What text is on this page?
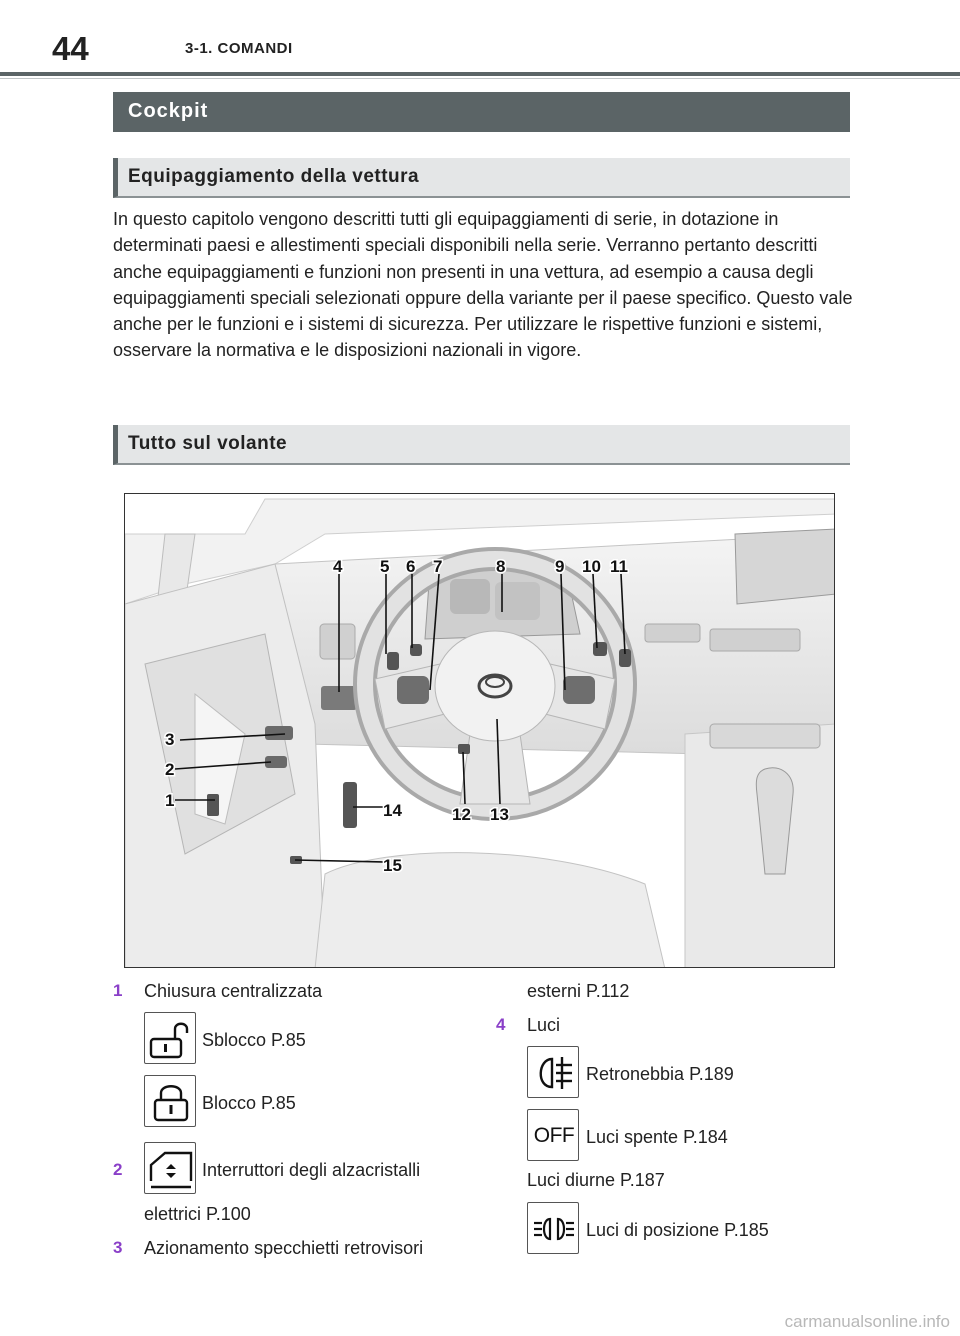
44	3-1. COMANDI
Cockpit
Equipaggiamento della vettura
In questo capitolo vengono descritti tutti gli equipaggiamenti di serie, in dotazione in determinati paesi e allestimenti speciali disponibili nella serie. Verranno pertanto descritti anche equipaggiamenti e funzioni non presenti in una vettura, ad esempio a causa degli equipaggiamenti speciali selezionati oppure della variante per il paese specifico. Questo vale anche per le funzioni e i sistemi di sicurezza. Per utilizzare le rispettive funzioni e sistemi, osservare la normativa e le disposizioni nazionali in vigore.
Tutto sul volante
3
2
1
4 5 6 7	8	9 10 11
12 13
14
15
1 Chiusura centralizzata
Sblocco P.85
Blocco P.85
2	Interruttori degli alzacristalli
elettrici P.100
3 Azionamento specchietti retrovisori
esterni P.112
4 Luci
Retronebbia P.189
OFF Luci spente P.184
Luci diurne P.187
Luci di posizione P.185
carmanualsonline.info
